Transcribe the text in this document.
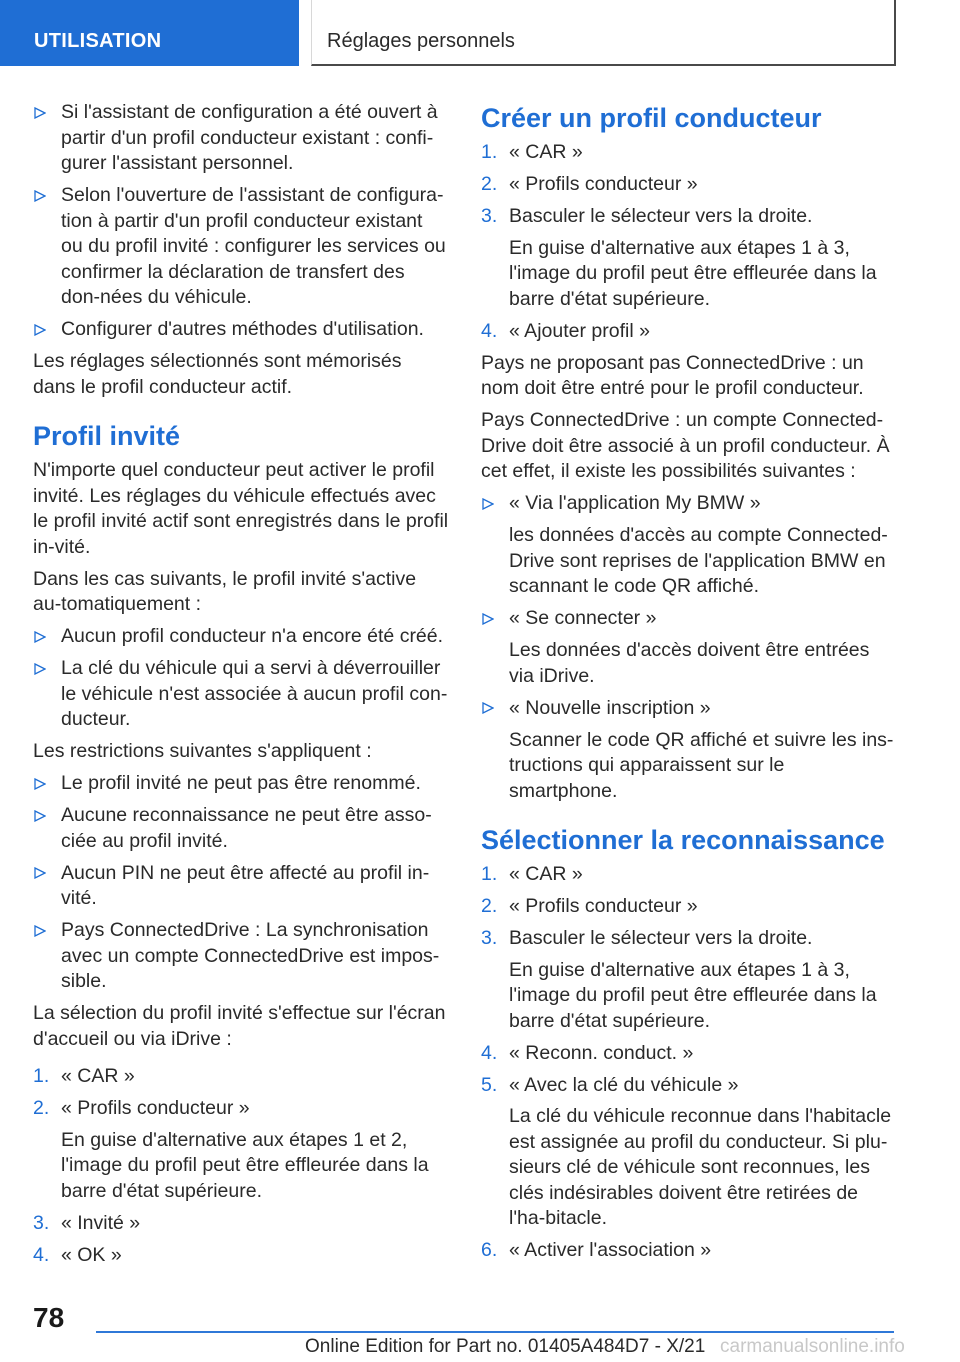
UTILISATION	Réglages personnels
Si l'assistant de configuration a été ouvert à partir d'un profil conducteur existant : confi-gurer l'assistant personnel.
Selon l'ouverture de l'assistant de configura-tion à partir d'un profil conducteur existant ou du profil invité : configurer les services ou confirmer la déclaration de transfert des don-nées du véhicule.
Configurer d'autres méthodes d'utilisation.

Les réglages sélectionnés sont mémorisés dans le profil conducteur actif.

Profil invité

N'importe quel conducteur peut activer le profil invité. Les réglages du véhicule effectués avec le profil invité actif sont enregistrés dans le profil in-vité.

Dans les cas suivants, le profil invité s'active au-tomatiquement :

Aucun profil conducteur n'a encore été créé.
La clé du véhicule qui a servi à déverrouiller le véhicule n'est associée à aucun profil con-ducteur.

Les restrictions suivantes s'appliquent :

Le profil invité ne peut pas être renommé.
Aucune reconnaissance ne peut être asso-ciée au profil invité.
Aucun PIN ne peut être affecté au profil in-vité.
Pays ConnectedDrive : La synchronisation avec un compte ConnectedDrive est impos-sible.

La sélection du profil invité s'effectue sur l'écran d'accueil ou via iDrive :

1. « CAR »
2. « Profils conducteur »
En guise d'alternative aux étapes 1 et 2, l'image du profil peut être effleurée dans la barre d'état supérieure.
3. « Invité »
4. « OK »
Créer un profil conducteur
1. « CAR »
2. « Profils conducteur »
3. Basculer le sélecteur vers la droite.
En guise d'alternative aux étapes 1 à 3, l'image du profil peut être effleurée dans la barre d'état supérieure.
4. « Ajouter profil »

Pays ne proposant pas ConnectedDrive : un nom doit être entré pour le profil conducteur.

Pays ConnectedDrive : un compte Connected-Drive doit être associé à un profil conducteur. À cet effet, il existe les possibilités suivantes :

« Via l'application My BMW »
les données d'accès au compte Connected-Drive sont reprises de l'application BMW en scannant le code QR affiché.
« Se connecter »
Les données d'accès doivent être entrées via iDrive.
« Nouvelle inscription »
Scanner le code QR affiché et suivre les ins-tructions qui apparaissent sur le smartphone.
Sélectionner la reconnaissance
1. « CAR »
2. « Profils conducteur »
3. Basculer le sélecteur vers la droite.
En guise d'alternative aux étapes 1 à 3, l'image du profil peut être effleurée dans la barre d'état supérieure.
4. « Reconn. conduct. »
5. « Avec la clé du véhicule »
La clé du véhicule reconnue dans l'habitacle est assignée au profil du conducteur. Si plu-sieurs clé de véhicule sont reconnues, les clés indésirables doivent être retirées de l'ha-bitacle.
6. « Activer l'association »
78
Online Edition for Part no. 01405A484D7 - X/21 carmanualsonline.info
